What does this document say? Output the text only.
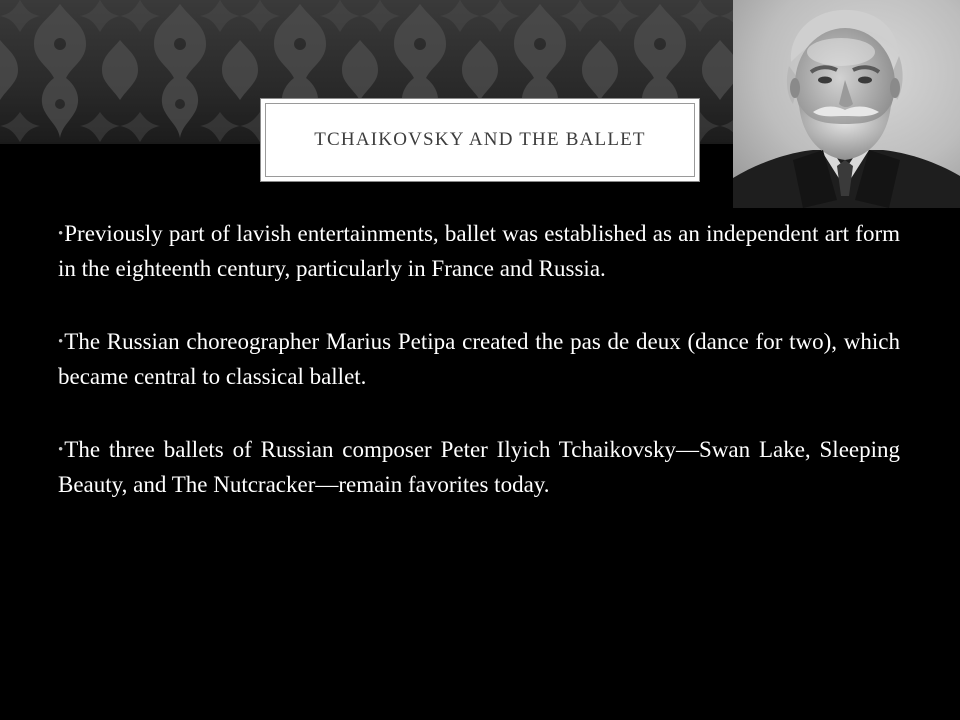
TCHAIKOVSKY AND THE BALLET

•Previously part of lavish entertainments, ballet was established as an independent art form in the eighteenth century, particularly in France and Russia.

•The Russian choreographer Marius Petipa created the pas de deux (dance for two), which became central to classical ballet.

•The three ballets of Russian composer Peter Ilyich Tchaikovsky—Swan Lake, Sleeping Beauty, and The Nutcracker—remain favorites today.
